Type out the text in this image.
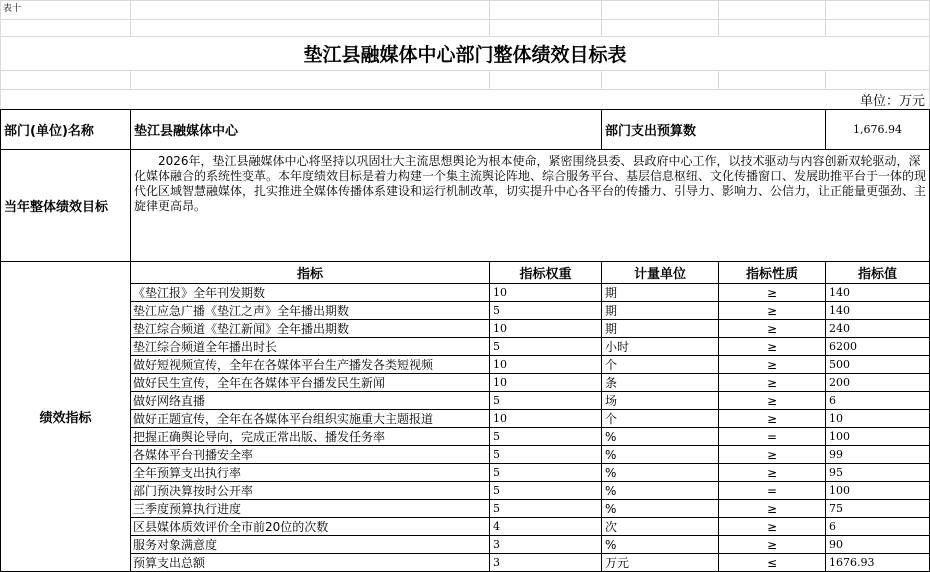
表十					

垫江县融媒体中心部门整体绩效目标表					

单位：万元					
部门(单位)名称	垫江县融媒体中心		部门支出预算数		1,676.94
当年整体绩效目标	2026年，垫江县融媒体中心将坚持以巩固壮大主流思想舆论为根本使命，紧密围绕县委、县政府中心工作，以技术驱动与内容创新双轮驱动，深化媒体融合的系统性变革。本年度绩效目标是着力构建一个集主流舆论阵地、综合服务平台、基层信息枢纽、文化传播窗口、发展助推平台于一体的现代化区域智慧融媒体，扎实推进全媒体传播体系建设和运行机制改革，切实提升中心各平台的传播力、引导力、影响力、公信力，让正能量更强劲、主旋律更高昂。				

绩效指标	指标	指标权重	计量单位	指标性质	指标值
	《垫江报》全年刊发期数	10	期	≥	140
	垫江应急广播《垫江之声》全年播出期数	5	期	≥	140
	垫江综合频道《垫江新闻》全年播出期数	10	期	≥	240
	垫江综合频道全年播出时长	5	小时	≥	6200
	做好短视频宣传，全年在各媒体平台生产播发各类短视频	10	个	≥	500
	做好民生宣传，全年在各媒体平台播发民生新闻	10	条	≥	200
	做好网络直播	5	场	≥	6
	做好正题宣传，全年在各媒体平台组织实施重大主题报道	10	个	≥	10
	把握正确舆论导向，完成正常出版、播发任务率	5	%	=	100
	各媒体平台刊播安全率	5	%	≥	99
	全年预算支出执行率	5	%	≥	95
	部门预决算按时公开率	5	%	=	100
	三季度预算执行进度	5	%	≥	75
	区县媒体质效评价全市前20位的次数	4	次	≥	6
	服务对象满意度	3	%	≥	90
	预算支出总额	3	万元	≤	1676.93
